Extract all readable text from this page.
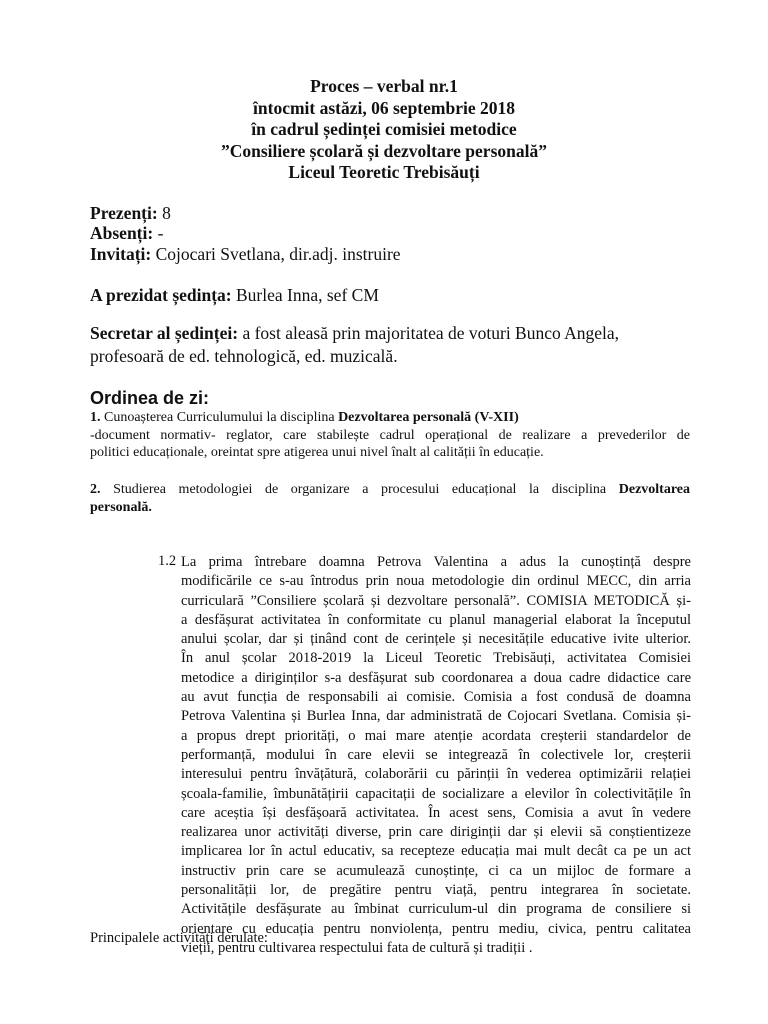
Proces – verbal nr.1
întocmit astăzi, 06 septembrie 2018
în cadrul ședinței comisiei metodice
”Consiliere școlară și dezvoltare personală”
Liceul Teoretic Trebisăuți
Prezenți: 8
Absenți: -
Invitați: Cojocari Svetlana, dir.adj. instruire
A prezidat ședința: Burlea Inna, sef CM
Secretar al ședinței: a fost aleasă prin majoritatea de voturi Bunco Angela,
profesoară de ed. tehnologică, ed. muzicală.
Ordinea de zi:
1. Cunoașterea Curriculumului la disciplina Dezvoltarea personală (V-XII)
-document normativ- reglator, care stabilește cadrul operațional de realizare a prevederilor de
politici educaționale, oreintat spre atigerea unui nivel înalt al calității în educație.
2. Studierea metodologiei de organizare a procesului educațional la disciplina Dezvoltarea
personală.
1.2 La prima întrebare doamna Petrova Valentina a adus la cunoștință despre
modificările ce s-au întrodus prin noua metodologie din ordinul MECC, din arria
curriculară ”Consiliere școlară și dezvoltare personală”. COMISIA METODICĂ și-
a desfășurat activitatea în conformitate cu planul managerial elaborat la începutul
anului școlar, dar și ținând cont de cerințele și necesitățile educative ivite ulterior.
În anul școlar 2018-2019 la Liceul Teoretic Trebisăuți, activitatea Comisiei
metodice a diriginților s-a desfășurat sub coordonarea a doua cadre didactice care
au avut funcția de responsabili ai comisie. Comisia a fost condusă de doamna
Petrova Valentina și Burlea Inna, dar administrată de Cojocari Svetlana. Comisia și-
a propus drept priorități, o mai mare atenție acordata creșterii standardelor de
performanță, modului în care elevii se integrează în colectivele lor, creșterii
interesului pentru învățătură, colaborării cu părinții în vederea optimizării relației
școala-familie, îmbunătățirii capacitații de socializare a elevilor în colectivitățile în
care aceștia își desfășoară activitatea. În acest sens, Comisia a avut în vedere
realizarea unor activități diverse, prin care diriginții dar și elevii să conștientizeze
implicarea lor în actul educativ, sa recepteze educația mai mult decât ca pe un act
instructiv prin care se acumulează cunoștințe, ci ca un mijloc de formare a
personalității lor, de pregătire pentru viață, pentru integrarea în societate.
Activitățile desfășurate au îmbinat curriculum-ul din programa de consiliere si
orientare cu educația pentru nonviolența, pentru mediu, civica, pentru calitatea
vieții, pentru cultivarea respectului fata de cultură și tradiții .
Principalele activități derulate:
